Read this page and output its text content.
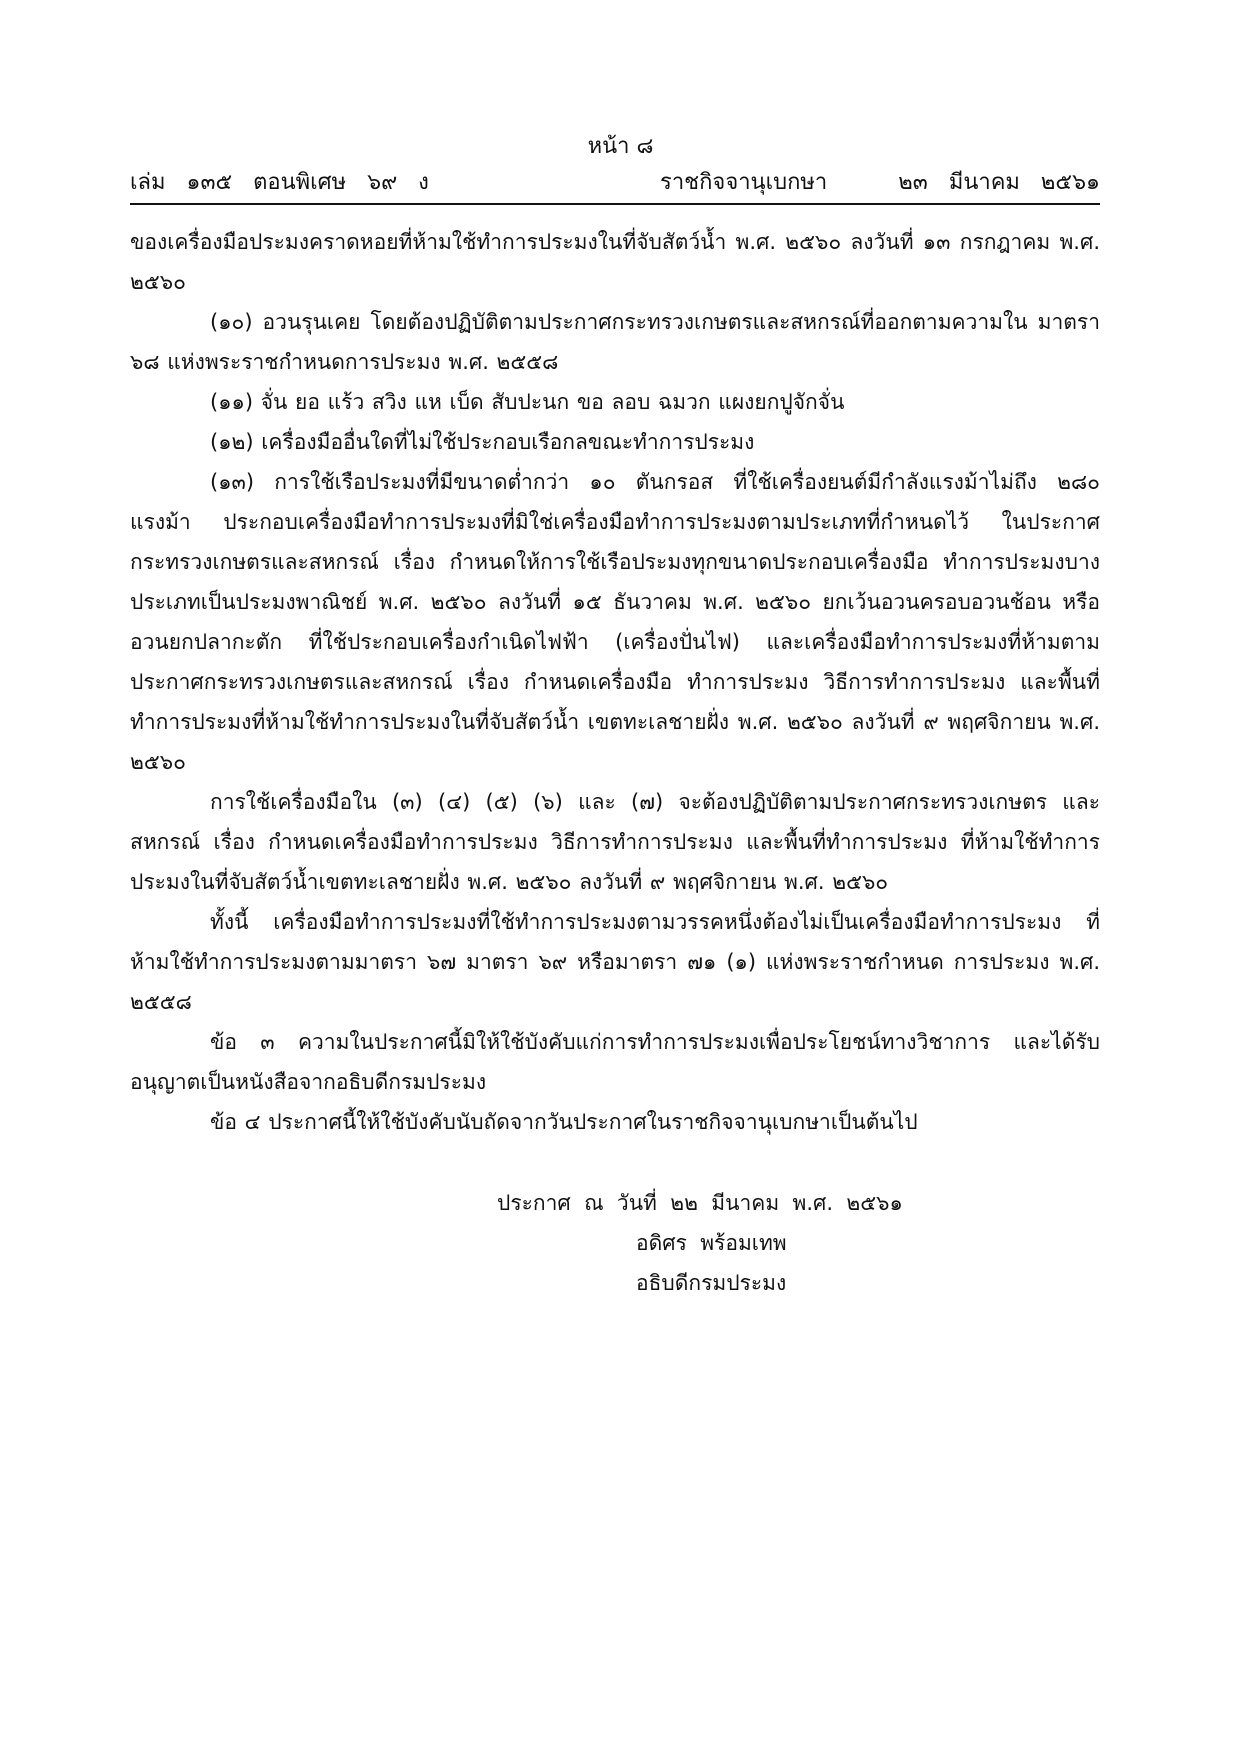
หน้า ๘
เล่ม   ๑๓๕   ตอนพิเศษ   ๖๙   ง	ราชกิจจานุเบกษา	๒๓   มีนาคม   ๒๕๖๑

ของเครื่องมือประมงคราดหอยที่ห้ามใช้ทำการประมงในที่จับสัตว์น้ำ พ.ศ. ๒๕๖๐ ลงวันที่ ๑๓ กรกฎาคม พ.ศ. ๒๕๖๐

(๑๐) อวนรุนเคย โดยต้องปฏิบัติตามประกาศกระทรวงเกษตรและสหกรณ์ที่ออกตามความใน มาตรา ๖๘ แห่งพระราชกำหนดการประมง พ.ศ. ๒๕๕๘

(๑๑) จั่น ยอ แร้ว สวิง แห เบ็ด สับปะนก ขอ ลอบ ฉมวก แผงยกปูจักจั่น

(๑๒) เครื่องมืออื่นใดที่ไม่ใช้ประกอบเรือกลขณะทำการประมง

(๑๓) การใช้เรือประมงที่มีขนาดต่ำกว่า ๑๐ ตันกรอส ที่ใช้เครื่องยนต์มีกำลังแรงม้าไม่ถึง ๒๘๐ แรงม้า ประกอบเครื่องมือทำการประมงที่มิใช่เครื่องมือทำการประมงตามประเภทที่กำหนดไว้ ในประกาศกระทรวงเกษตรและสหกรณ์ เรื่อง กำหนดให้การใช้เรือประมงทุกขนาดประกอบเครื่องมือ ทำการประมงบางประเภทเป็นประมงพาณิชย์ พ.ศ. ๒๕๖๐ ลงวันที่ ๑๕ ธันวาคม พ.ศ. ๒๕๖๐ ยกเว้นอวนครอบอวนช้อน หรืออวนยกปลากะตัก ที่ใช้ประกอบเครื่องกำเนิดไฟฟ้า (เครื่องปั่นไฟ) และเครื่องมือทำการประมงที่ห้ามตามประกาศกระทรวงเกษตรและสหกรณ์ เรื่อง กำหนดเครื่องมือ ทำการประมง วิธีการทำการประมง และพื้นที่ทำการประมงที่ห้ามใช้ทำการประมงในที่จับสัตว์น้ำ เขตทะเลชายฝั่ง พ.ศ. ๒๕๖๐ ลงวันที่ ๙ พฤศจิกายน พ.ศ. ๒๕๖๐

การใช้เครื่องมือใน (๓) (๔) (๕) (๖) และ (๗) จะต้องปฏิบัติตามประกาศกระทรวงเกษตร และสหกรณ์ เรื่อง กำหนดเครื่องมือทำการประมง วิธีการทำการประมง และพื้นที่ทำการประมง ที่ห้ามใช้ทำการประมงในที่จับสัตว์น้ำเขตทะเลชายฝั่ง พ.ศ. ๒๕๖๐ ลงวันที่ ๙ พฤศจิกายน พ.ศ. ๒๕๖๐

ทั้งนี้ เครื่องมือทำการประมงที่ใช้ทำการประมงตามวรรคหนึ่งต้องไม่เป็นเครื่องมือทำการประมง ที่ห้ามใช้ทำการประมงตามมาตรา ๖๗ มาตรา ๖๙ หรือมาตรา ๗๑ (๑) แห่งพระราชกำหนด การประมง พ.ศ. ๒๕๕๘

ข้อ ๓ ความในประกาศนี้มิให้ใช้บังคับแก่การทำการประมงเพื่อประโยชน์ทางวิชาการ และได้รับอนุญาตเป็นหนังสือจากอธิบดีกรมประมง

ข้อ ๔ ประกาศนี้ให้ใช้บังคับนับถัดจากวันประกาศในราชกิจจานุเบกษาเป็นต้นไป

ประกาศ  ณ  วันที่  ๒๒  มีนาคม  พ.ศ.  ๒๕๖๑
อดิศร  พร้อมเทพ
อธิบดีกรมประมง
